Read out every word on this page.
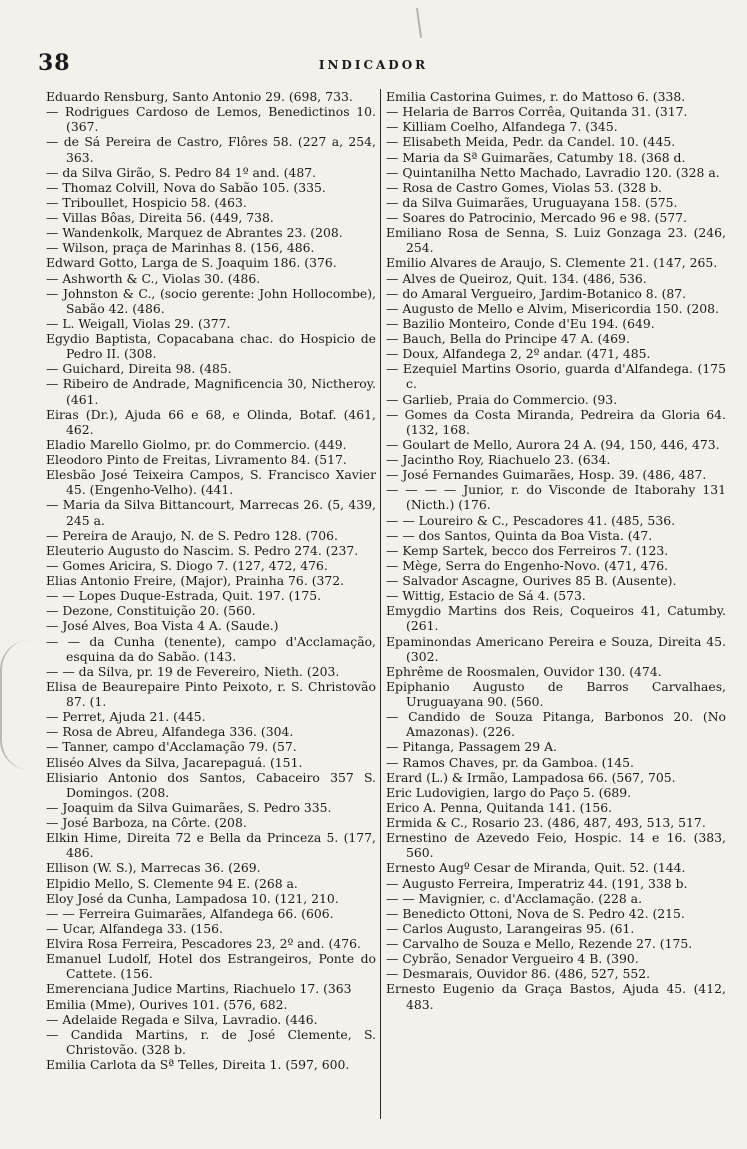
38	INDICADOR
Eduardo Rensburg, Santo Antonio 29. (698, 733.
— Rodrigues Cardoso de Lemos, Benedictinos 10. (367.
— de Sá Pereira de Castro, Flôres 58. (227 a, 254, 363.
— da Silva Girão, S. Pedro 84 1º and. (487.
— Thomaz Colvill, Nova do Sabão 105. (335.
— Triboullet, Hospicio 58. (463.
— Villas Bôas, Direita 56. (449, 738.
— Wandenkolk, Marquez de Abrantes 23. (208.
— Wilson, praça de Marinhas 8. (156, 486.
Edward Gotto, Larga de S. Joaquim 186. (376.
— Ashworth & C., Violas 30. (486.
— Johnston & C., (socio gerente: John Hollocombe), Sabão 42. (486.
— L. Weigall, Violas 29. (377.
Egydio Baptista, Copacabana chac. do Hospicio de Pedro II. (308.
— Guichard, Direita 98. (485.
— Ribeiro de Andrade, Magnificencia 30, Nictheroy. (461.
Eiras (Dr.), Ajuda 66 e 68, e Olinda, Botaf. (461, 462.
Eladio Marello Giolmo, pr. do Commercio. (449.
Eleodoro Pinto de Freitas, Livramento 84. (517.
Elesbão José Teixeira Campos, S. Francisco Xavier 45. (Engenho-Velho). (441.
— Maria da Silva Bittancourt, Marrecas 26. (5, 439, 245 a.
— Pereira de Araujo, N. de S. Pedro 128. (706.
Eleuterio Augusto do Nascim. S. Pedro 274. (237.
— Gomes Aricira, S. Diogo 7. (127, 472, 476.
Elias Antonio Freire, (Major), Prainha 76. (372.
— — Lopes Duque-Estrada, Quit. 197. (175.
— Dezone, Constituição 20. (560.
— José Alves, Boa Vista 4 A. (Saude.)
— — da Cunha (tenente), campo d'Acclamação, esquina da do Sabão. (143.
— — da Silva, pr. 19 de Fevereiro, Nieth. (203.
Elisa de Beaurepaire Pinto Peixoto, r. S. Christovão 87. (1.
— Perret, Ajuda 21. (445.
— Rosa de Abreu, Alfandega 336. (304.
— Tanner, campo d'Acclamação 79. (57.
Eliséo Alves da Silva, Jacarepaguá. (151.
Elisiario Antonio dos Santos, Cabaceiro 357 S. Domingos. (208.
— Joaquim da Silva Guimarães, S. Pedro 335.
— José Barboza, na Côrte. (208.
Elkin Hime, Direita 72 e Bella da Princeza 5. (177, 486.
Ellison (W. S.), Marrecas 36. (269.
Elpidio Mello, S. Clemente 94 E. (268 a.
Eloy José da Cunha, Lampadosa 10. (121, 210.
— — Ferreira Guimarães, Alfandega 66. (606.
— Ucar, Alfandega 33. (156.
Elvira Rosa Ferreira, Pescadores 23, 2º and. (476.
Emanuel Ludolf, Hotel dos Estrangeiros, Ponte do Cattete. (156.
Emerenciana Judice Martins, Riachuelo 17. (363
Emilia (Mme), Ourives 101. (576, 682.
— Adelaide Regada e Silva, Lavradio. (446.
— Candida Martins, r. de José Clemente, S. Christovão. (328 b.
Emilia Carlota da Sª Telles, Direita 1. (597, 600.
Emilia Castorina Guimes, r. do Mattoso 6. (338.
— Helaria de Barros Corrêa, Quitanda 31. (317.
— Killiam Coelho, Alfandega 7. (345.
— Elisabeth Meida, Pedr. da Candel. 10. (445.
— Maria da Sª Guimarães, Catumby 18. (368 d.
— Quintanilha Netto Machado, Lavradio 120. (328 a.
— Rosa de Castro Gomes, Violas 53. (328 b.
— da Silva Guimarães, Uruguayana 158. (575.
— Soares do Patrocinio, Mercado 96 e 98. (577.
Emiliano Rosa de Senna, S. Luiz Gonzaga 23. (246, 254.
Emilio Alvares de Araujo, S. Clemente 21. (147, 265.
— Alves de Queiroz, Quit. 134. (486, 536.
— do Amaral Vergueiro, Jardim-Botanico 8. (87.
— Augusto de Mello e Alvim, Misericordia 150. (208.
— Bazilio Monteiro, Conde d'Eu 194. (649.
— Bauch, Bella do Principe 47 A. (469.
— Doux, Alfandega 2, 2º andar. (471, 485.
— Ezequiel Martins Osorio, guarda d'Alfandega. (175 c.
— Garlieb, Praia do Commercio. (93.
— Gomes da Costa Miranda, Pedreira da Gloria 64. (132, 168.
— Goulart de Mello, Aurora 24 A. (94, 150, 446, 473.
— Jacintho Roy, Riachuelo 23. (634.
— José Fernandes Guimarães, Hosp. 39. (486, 487.
— — — — Junior, r. do Visconde de Itaborahy 131 (Nicth.) (176.
— — Loureiro & C., Pescadores 41. (485, 536.
— — dos Santos, Quinta da Boa Vista. (47.
— Kemp Sartek, becco dos Ferreiros 7. (123.
— Mège, Serra do Engenho-Novo. (471, 476.
— Salvador Ascagne, Ourives 85 B. (Ausente).
— Wittig, Estacio de Sá 4. (573.
Emygdio Martins dos Reis, Coqueiros 41, Catumby. (261.
Epaminondas Americano Pereira e Souza, Direita 45. (302.
Ephrême de Roosmalen, Ouvidor 130. (474.
Epiphanio Augusto de Barros Carvalhaes, Uruguayana 90. (560.
— Candido de Souza Pitanga, Barbonos 20. (No Amazonas). (226.
— Pitanga, Passagem 29 A.
— Ramos Chaves, pr. da Gamboa. (145.
Erard (L.) & Irmão, Lampadosa 66. (567, 705.
Eric Ludovigien, largo do Paço 5. (689.
Erico A. Penna, Quitanda 141. (156.
Ermida & C., Rosario 23. (486, 487, 493, 513, 517.
Ernestino de Azevedo Feio, Hospic. 14 e 16. (383, 560.
Ernesto Augº Cesar de Miranda, Quit. 52. (144.
— Augusto Ferreira, Imperatriz 44. (191, 338 b.
— — Mavignier, c. d'Acclamação. (228 a.
— Benedicto Ottoni, Nova de S. Pedro 42. (215.
— Carlos Augusto, Larangeiras 95. (61.
— Carvalho de Souza e Mello, Rezende 27. (175.
— Cybrão, Senador Vergueiro 4 B. (390.
— Desmarais, Ouvidor 86. (486, 527, 552.
Ernesto Eugenio da Graça Bastos, Ajuda 45. (412, 483.
